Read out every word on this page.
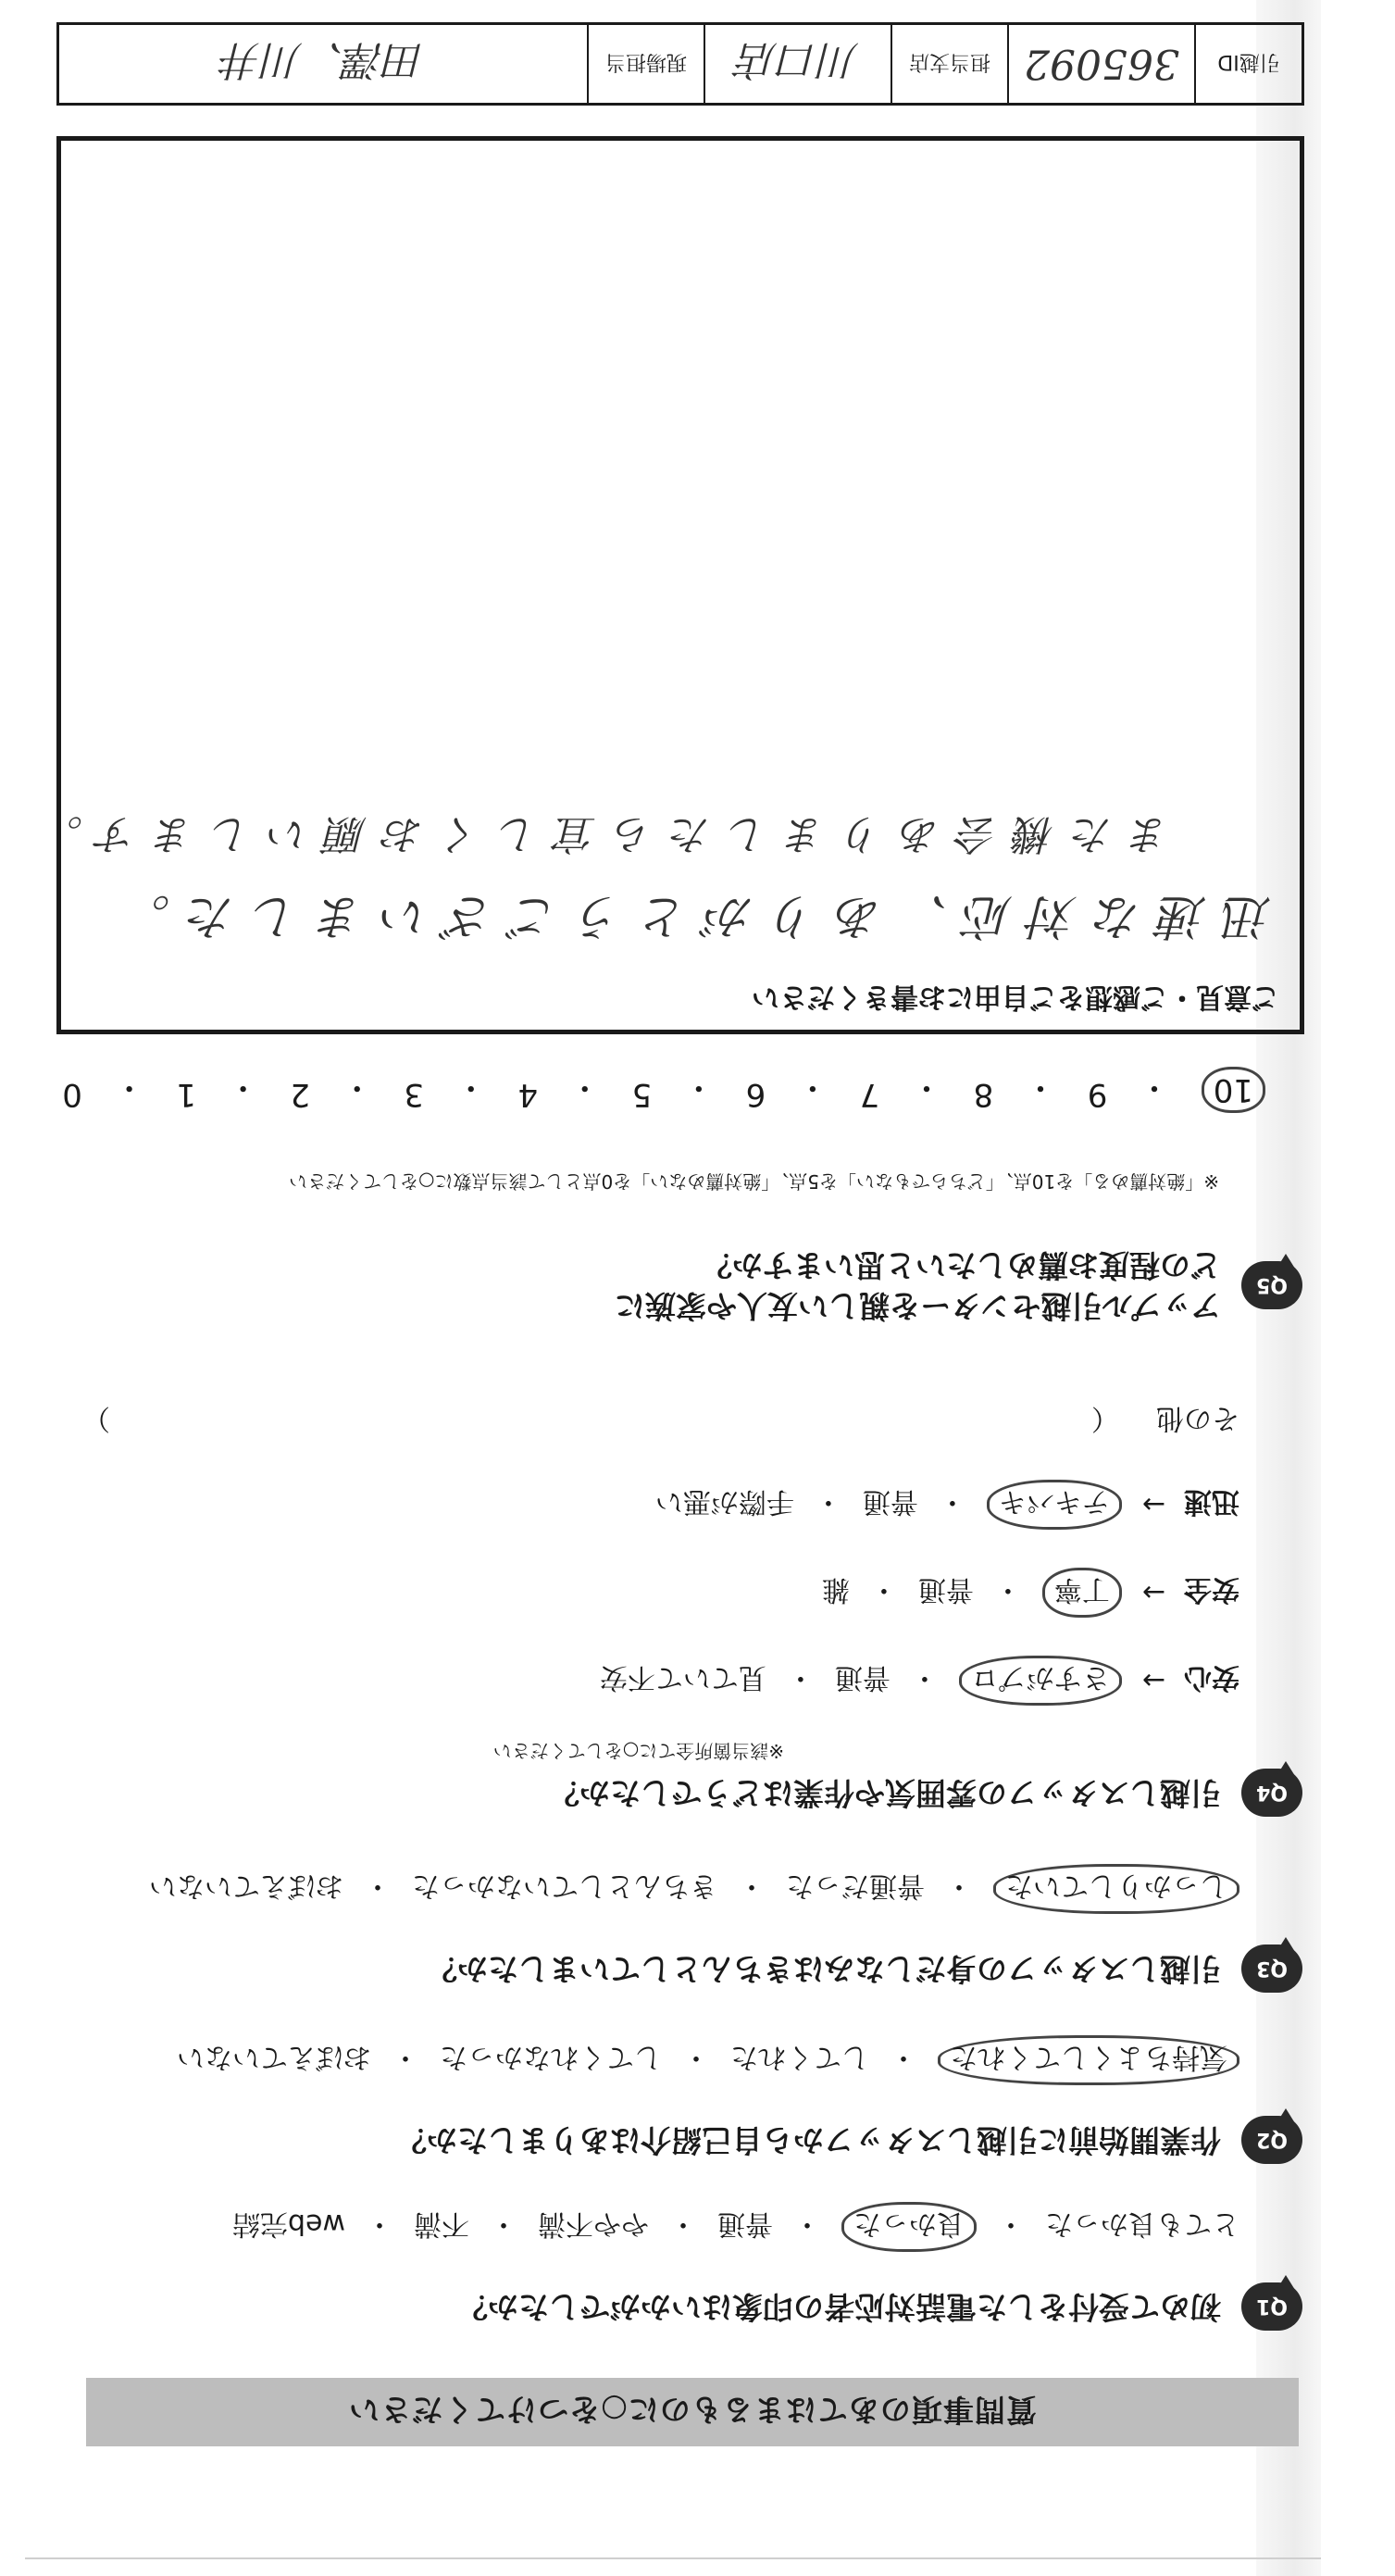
質問事項のあてはまるものに○をつけてください
Q1
初めて受付をした電話対応者の印象はいかがでしたか？
とても良かった
・
良かった
・
普通
・
やや不満
・
不満
・
web完結
Q2
作業開始前に引越しスタッフから自己紹介はありましたか？
気持ちよくしてくれた
・
してくれた
・
してくれなかった
・
おぼえていない
Q3
引越しスタッフの身だしなみはきちんとしていましたか？
しっかりしていた
・
普通だった
・
きちんとしていなかった
・
おぼえていない
Q4
引越しスタッフの雰囲気や作業はどうでしたか？
※該当箇所全てに○をしてください
安心
→
さすがプロ
・
普通
・
見ていて不安
安全
→
丁寧
・
普通
・
雑
迅速
→
テキパキ
・
普通
・
手際が悪い
その他
（
）
Q5
アップル引越センターを親しい友人や家族に
どの程度お薦めしたいと思いますか？
※「絶対薦める」を10点、「どちらでもない」を5点、「絶対薦めない」を0点として該当点数に○をしてください
10
・
9
・
8
・
7
・
6
・
5
・
4
・
3
・
2
・
1
・
0
ご意見・ご感想をご自由にお書きください
迅速な対応、ありがとうございました。
また機会ありましたら宜しくお願いします。
引越ID
365092
担当支店
川口店
現場担当
田澤、川井
